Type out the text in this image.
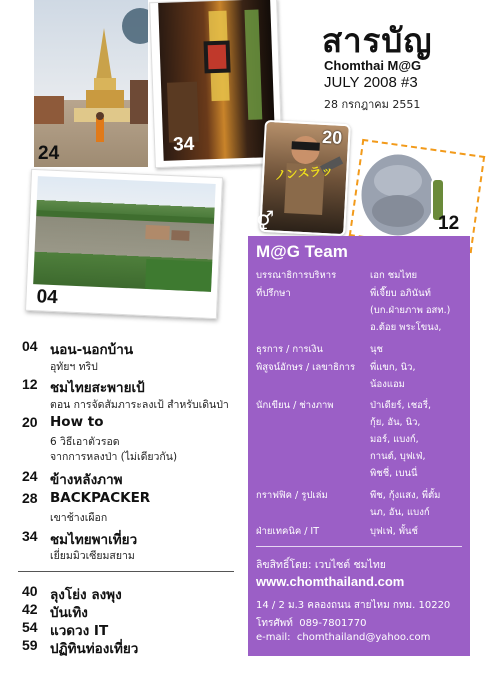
24	34
สารบัญ
Chomthai M@G
JULY 2008 #3
28 กรกฎาคม 2551
04
ノンスラッ
20
12
M@G Team
บรรณาธิการบริหาร	เอก ชมไทย
ที่ปรึกษา	พี่เจี๊ยบ อภินันท์
(บก.ฝ่ายภาพ อสท.)
อ.ต้อย พระโขนง,
ธุรการ / การเงิน	นุช
พิสูจน์อักษร / เลขาธิการ	พี่แขก, นิว,
น้องแอม
นักเขียน / ช่างภาพ	ป่าเดียร์, เชอรี่,
กุ้ย, อัน, นิว,
มอร์, แบงก์,
กานต์, บุฟเฟ่,
พิชชี่, เบนนี่
กราฟฟิค / รูปเล่ม	พีช, กุ้งแสง, พี่ตั้ม
นภ, อัน, แบงก์
ฝ่ายเทคนิค / IT	บุฟเฟ่, พั้นช์
ลิขสิทธิ์โดย: เวบไซต์ ชมไทย
www.chomthailand.com
14 / 2 ม.3 คลองถนน สายไหม กทม. 10220
โทรศัพท์ 089-7801770
e-mail: chomthailand@yahoo.com
⚥
04 นอน-นอกบ้าน
อุทัยฯ ทริป
12 ชมไทยสะพายเป้
ตอน การจัดสัมภาระลงเป้ สำหรับเดินป่า
20 How to
6 วิธีเอาตัวรอด
จากการหลงป่า (ไม่เดียวกัน)
24 ข้างหลังภาพ
28 BACKPACKER
เขาช้างเผือก
34 ชมไทยพาเที่ยว
เยี่ยมมิวเซียมสยาม
40 ลุงโย่ง ลงพุง
42 บันเทิง
54 แวดวง IT
59 ปฏิทินท่องเที่ยว
